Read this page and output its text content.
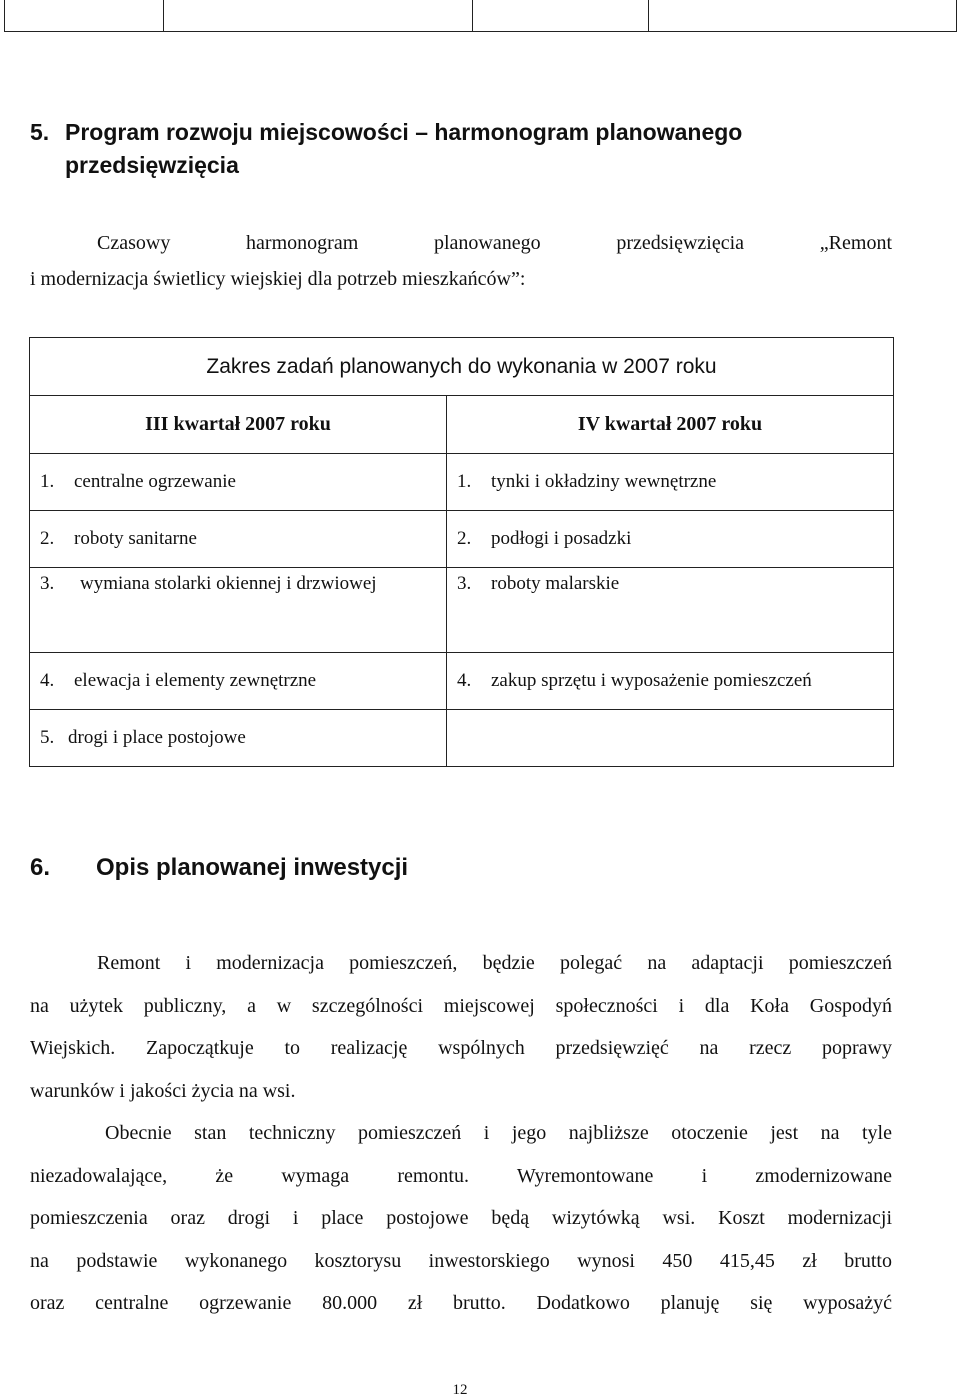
5. Program rozwoju miejscowości – harmonogram planowanego
przedsięwzięcia
Czasowy harmonogram planowanego przedsięwzięcia „Remont
i modernizacja świetlicy wiejskiej dla potrzeb mieszkańców”:
Zakres zadań planowanych do wykonania w 2007 roku	
III kwartał 2007 roku	IV kwartał 2007 roku
1. centralne ogrzewanie	1. tynki i okładziny wewnętrzne
2. roboty sanitarne	2. podłogi i posadzki

3. wymiana stolarki okiennej i drzwiowej	3. roboty malarskie
4. elewacja i elementy zewnętrzne	4. zakup sprzętu i wyposażenie pomieszczeń
5. drogi i place postojowe	
6. Opis planowanej inwestycji
Remont i modernizacja pomieszczeń, będzie polegać na adaptacji pomieszczeń
na użytek publiczny, a w szczególności miejscowej społeczności i dla Koła Gospodyń
Wiejskich. Zapoczątkuje to realizację wspólnych przedsięwzięć na rzecz poprawy
warunków i jakości życia na wsi.
Obecnie stan techniczny pomieszczeń i jego najbliższe otoczenie jest na tyle
niezadowalające, że wymaga remontu. Wyremontowane i zmodernizowane
pomieszczenia oraz drogi i place postojowe będą wizytówką wsi. Koszt modernizacji
na podstawie wykonanego kosztorysu inwestorskiego wynosi 450 415,45 zł brutto
oraz centralne ogrzewanie 80.000 zł brutto. Dodatkowo planuję się wyposażyć
12
